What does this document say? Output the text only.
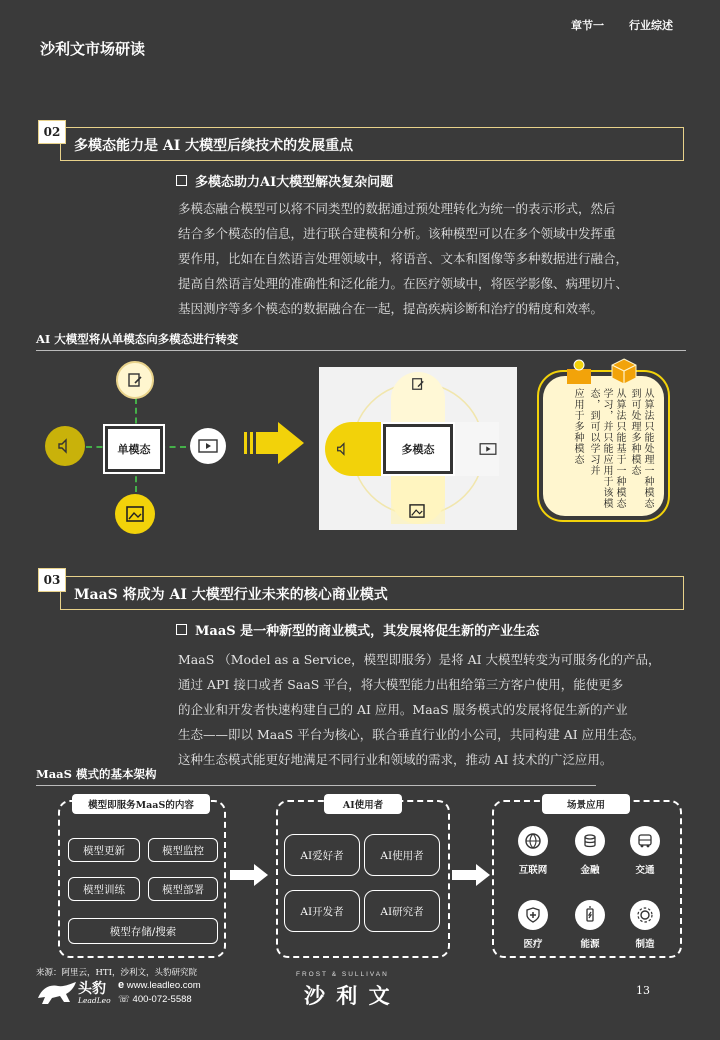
章节一 行业综述
沙利文市场研读
02
多模态能力是 AI 大模型后续技术的发展重点
多模态助力AI大模型解决复杂问题
多模态融合模型可以将不同类型的数据通过预处理转化为统一的表示形式，然后
结合多个模态的信息，进行联合建模和分析。该种模型可以在多个领域中发挥重
要作用，比如在自然语言处理领域中，将语音、文本和图像等多种数据进行融合，
提高自然语言处理的准确性和泛化能力。在医疗领域中，将医学影像、病理切片、
基因测序等多个模态的数据融合在一起，提高疾病诊断和治疗的精度和效率。
AI 大模型将从单模态向多模态进行转变
单模态	多模态	从算法只能处理一种模态到可处理多种模态
从算法只能基于一种模态学习，并只能应用于该模态，到可以学习并
应用于多种模态
03
MaaS 将成为 AI 大模型行业未来的核心商业模式
MaaS 是一种新型的商业模式，其发展将促生新的产业生态
MaaS （Model as a Service，模型即服务）是将 AI 大模型转变为可服务化的产品，
通过 API 接口或者 SaaS 平台，将大模型能力出租给第三方客户使用，能使更多
的企业和开发者快速构建自己的 AI 应用。MaaS 服务模式的发展将促生新的产业
生态——即以 MaaS 平台为核心，联合垂直行业的小公司，共同构建 AI 应用生态。
这种生态模式能更好地满足不同行业和领域的需求，推动 AI 技术的广泛应用。
MaaS 模式的基本架构
模型即服务MaaS的内容
模型更新	模型监控
模型训练	模型部署
模型存储/搜索
AI使用者
AI爱好者	AI使用者
AI开发者	AI研究者
场景应用
互联网	金融	交通
医疗	能源	制造
来源：阿里云，HTI，沙利文，头豹研究院
头豹
LeadLeo
e www.leadleo.com
☏ 400-072-5588
FROST & SULLIVAN
沙 利 文	13
